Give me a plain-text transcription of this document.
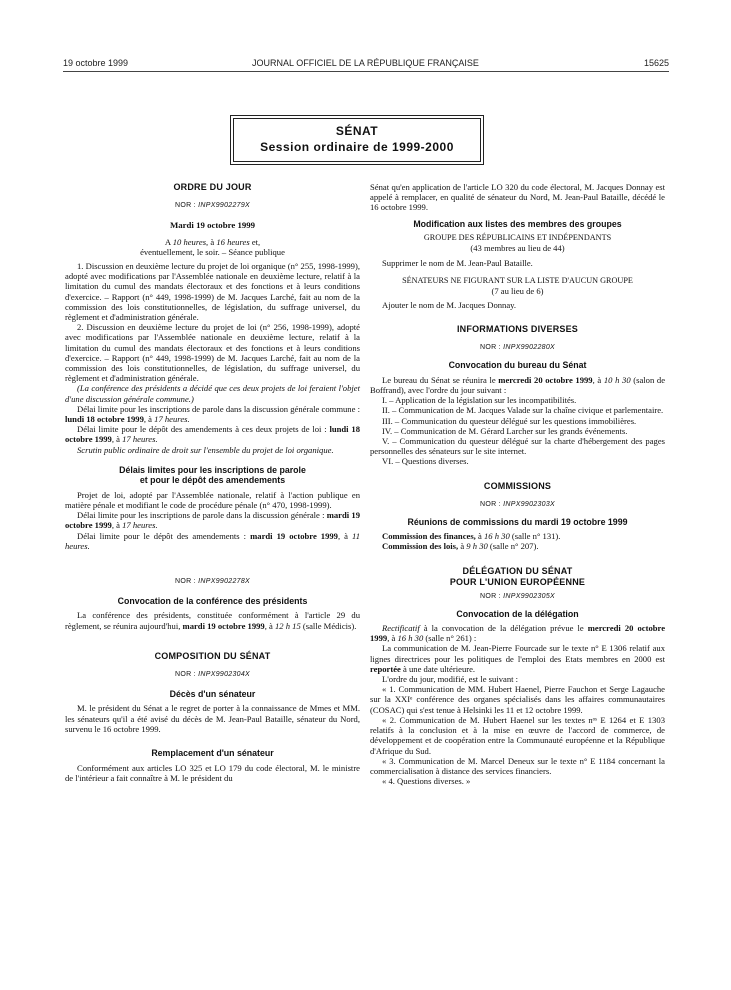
19 octobre 1999	JOURNAL OFFICIEL DE LA RÉPUBLIQUE FRANÇAISE	15625
SÉNAT
Session ordinaire de 1999-2000
ORDRE DU JOUR
NOR : INPX9902279X
Mardi 19 octobre 1999
A 10 heures, à 16 heures et,
éventuellement, le soir. – Séance publique

1. Discussion en deuxième lecture du projet de loi organique (n° 255, 1998-1999), adopté avec modifications par l'Assemblée nationale en deuxième lecture, relatif à la limitation du cumul des mandats électoraux et des fonctions et à leurs conditions d'exercice. – Rapport (n° 449, 1998-1999) de M. Jacques Larché, fait au nom de la commission des lois constitutionnelles, de législation, du suffrage universel, du règlement et d'administration générale.

2. Discussion en deuxième lecture du projet de loi (n° 256, 1998-1999), adopté avec modifications par l'Assemblée nationale en deuxième lecture, relatif à la limitation du cumul des mandats électoraux et des fonctions et à leurs conditions d'exercice. – Rapport (n° 449, 1998-1999) de M. Jacques Larché, fait au nom de la commission des lois constitutionnelles, de législation, du suffrage universel, du règlement et d'administration générale.

(La conférence des présidents a décidé que ces deux projets de loi feraient l'objet d'une discussion générale commune.)

Délai limite pour les inscriptions de parole dans la discussion générale commune : lundi 18 octobre 1999, à 17 heures.

Délai limite pour le dépôt des amendements à ces deux projets de loi : lundi 18 octobre 1999, à 17 heures.

Scrutin public ordinaire de droit sur l'ensemble du projet de loi organique.

Délais limites pour les inscriptions de parole
et pour le dépôt des amendements

Projet de loi, adopté par l'Assemblée nationale, relatif à l'action publique en matière pénale et modifiant le code de procédure pénale (n° 470, 1998-1999).

Délai limite pour les inscriptions de parole dans la discussion générale : mardi 19 octobre 1999, à 17 heures.

Délai limite pour le dépôt des amendements : mardi 19 octobre 1999, à 11 heures.

NOR : INPX9902278X
Convocation de la conférence des présidents

La conférence des présidents, constituée conformément à l'article 29 du règlement, se réunira aujourd'hui, mardi 19 octobre 1999, à 12 h 15 (salle Médicis).

COMPOSITION DU SÉNAT
NOR : INPX9902304X
Décès d'un sénateur

M. le président du Sénat a le regret de porter à la connaissance de Mmes et MM. les sénateurs qu'il a été avisé du décès de M. Jean-Paul Bataille, sénateur du Nord, survenu le 16 octobre 1999.

Remplacement d'un sénateur

Conformément aux articles LO 325 et LO 179 du code électoral, M. le ministre de l'intérieur a fait connaître à M. le président du

Sénat qu'en application de l'article LO 320 du code électoral, M. Jacques Donnay est appelé à remplacer, en qualité de sénateur du Nord, M. Jean-Paul Bataille, décédé le 16 octobre 1999.

Modification aux listes des membres des groupes
GROUPE DES RÉPUBLICAINS ET INDÉPENDANTS
(43 membres au lieu de 44)

Supprimer le nom de M. Jean-Paul Bataille.

SÉNATEURS NE FIGURANT SUR LA LISTE D'AUCUN GROUPE
(7 au lieu de 6)

Ajouter le nom de M. Jacques Donnay.

INFORMATIONS DIVERSES
NOR : INPX9902280X
Convocation du bureau du Sénat

Le bureau du Sénat se réunira le mercredi 20 octobre 1999, à 10 h 30 (salon de Boffrand), avec l'ordre du jour suivant :

I. – Application de la législation sur les incompatibilités.

II. – Communication de M. Jacques Valade sur la chaîne civique et parlementaire.

III. – Communication du questeur délégué sur les questions immobilières.

IV. – Communication de M. Gérard Larcher sur les grands événements.

V. – Communication du questeur délégué sur la charte d'hébergement des pages personnelles des sénateurs sur le site internet.

VI. – Questions diverses.

COMMISSIONS
NOR : INPX9902303X
Réunions de commissions du mardi 19 octobre 1999

Commission des finances, à 16 h 30 (salle n° 131).

Commission des lois, à 9 h 30 (salle n° 207).

DÉLÉGATION DU SÉNAT
POUR L'UNION EUROPÉENNE
NOR : INPX9902305X
Convocation de la délégation

Rectificatif à la convocation de la délégation prévue le mercredi 20 octobre 1999, à 16 h 30 (salle n° 261) :

La communication de M. Jean-Pierre Fourcade sur le texte n° E 1306 relatif aux lignes directrices pour les politiques de l'emploi des Etats membres en 2000 est reportée à une date ultérieure.

L'ordre du jour, modifié, est le suivant :

« 1. Communication de MM. Hubert Haenel, Pierre Fauchon et Serge Lagauche sur la XXIᵉ conférence des organes spécialisés dans les affaires communautaires (COSAC) qui s'est tenue à Helsinki les 11 et 12 octobre 1999.

« 2. Communication de M. Hubert Haenel sur les textes nᵒˢ E 1264 et E 1303 relatifs à la conclusion et à la mise en œuvre de l'accord de commerce, de développement et de coopération entre la Communauté européenne et la République d'Afrique du Sud.

« 3. Communication de M. Marcel Deneux sur le texte n° E 1184 concernant la commercialisation à distance des services financiers.

« 4. Questions diverses. »
